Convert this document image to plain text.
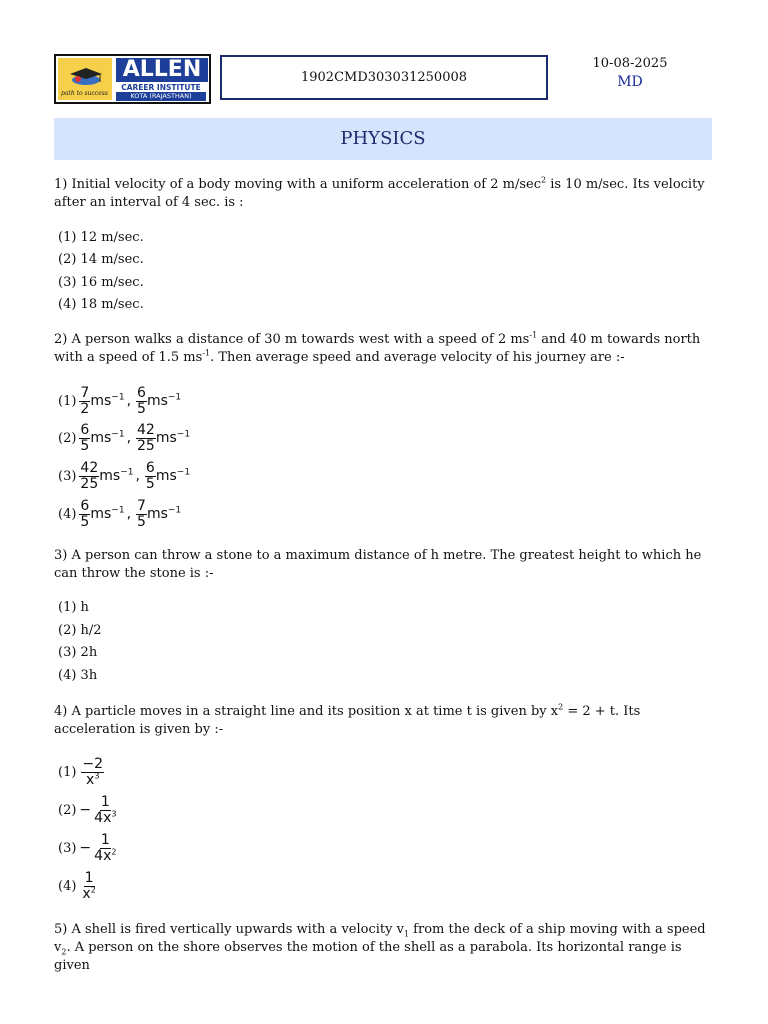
path to success
ALLEN
CAREER INSTITUTE
KOTA (RAJASTHAN)
1902CMD303031250008
10-08-2025
MD
PHYSICS
1) Initial velocity of a body moving with a uniform acceleration of 2 $m/\sec^2$ is 10 m/sec. Its velocity after an interval of 4 sec. is :
(1) 12 m/sec.
(2) 14 m/sec.
(3) 16 m/sec.
(4) 18 m/sec.
2) A person walks a distance of 30 m towards west with a speed of 2 $ms^{-1}$ and 40 m towards north with a speed of 1.5 $ms^{-1}$. Then average speed and average velocity of his journey are :-
$(1) \frac{7}{2} ms^{-1}$ , $\frac{6}{5} ms^{-1}$
$(2) \frac{6}{5} ms^{-1}$ , $\frac{42}{25} ms^{-1}$
$(3) \frac{42}{25} ms^{-1}$ , $\frac{6}{5} ms^{-1}$
$(4) \frac{6}{5} ms^{-1}$ , $\frac{7}{5} ms^{-1}$
3) A person can throw a stone to a maximum distance of h metre. The greatest height to which he can throw the stone is :-
(1) h
(2) h/2
(3) 2h
(4) 3h
4) A particle moves in a straight line and its position x at time t is given by $x^2 = 2 + t$. Its acceleration is given by :-
$(1) \frac{-2}{x^3}$
$(2) - \frac{1}{4x^3}$
$(3) - \frac{1}{4x^2}$
$(4) \frac{1}{x^2}$
5) A shell is fired vertically upwards with a velocity $v_1$ from the deck of a ship moving with a speed $v_2$. A person on the shore observes the motion of the shell as a parabola. Its horizontal range is given
